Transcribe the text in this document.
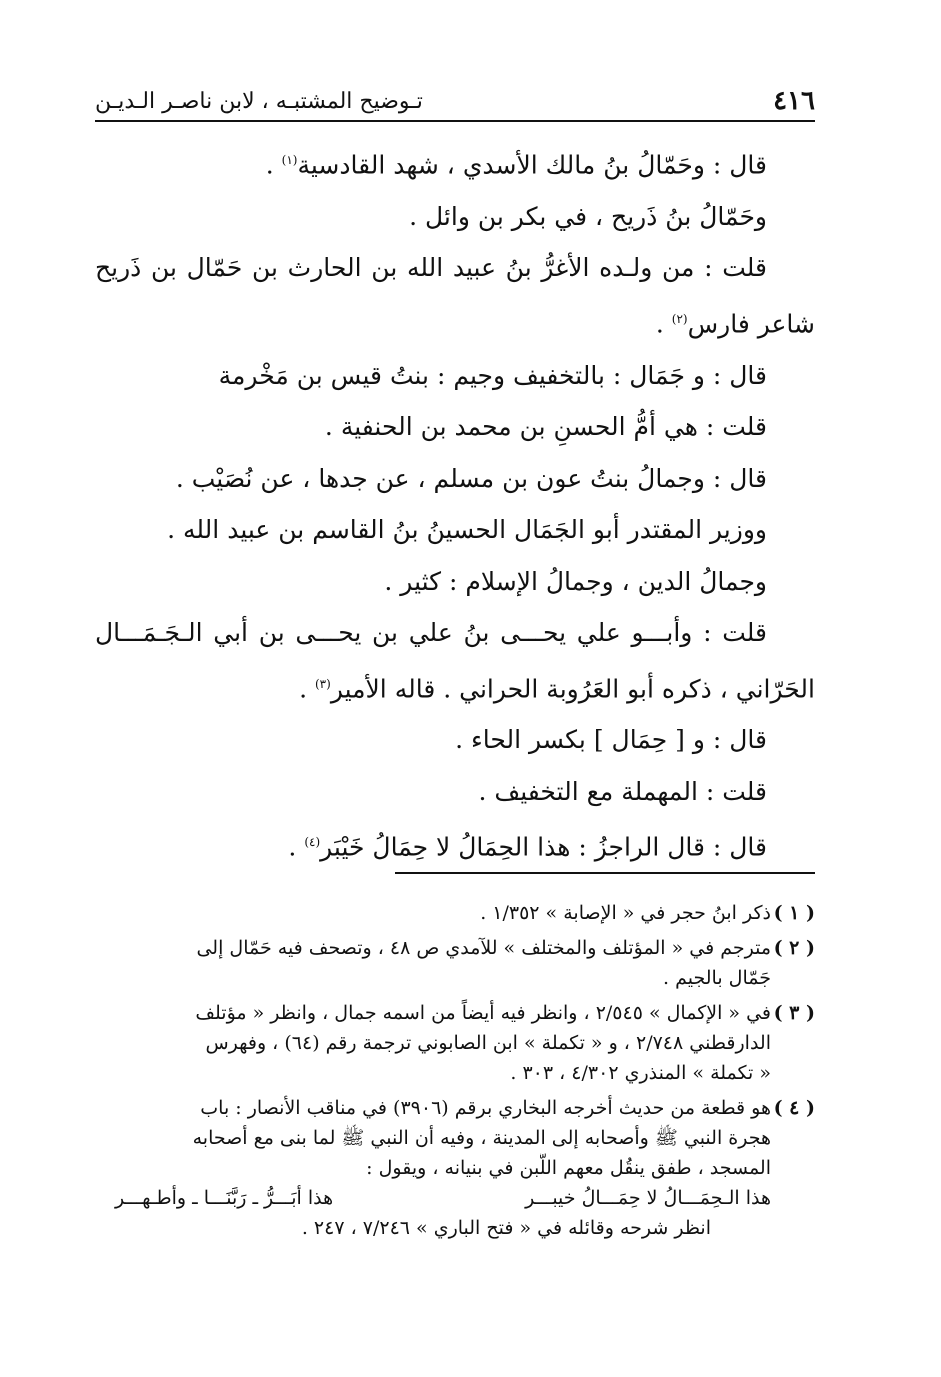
٤١٦
تـوضيح المشتبـه ، لابن ناصـر الـديـن
قال : وحَمّالُ بنُ مالك الأسدي ، شهد القادسية$^{(١)}$ .
وحَمّالُ بنُ ذَريح ، في بكر بن وائل .
قلت : من ولـده الأغرُّ بنُ عبيد الله بن الحارث بن حَمّال بن ذَريح
شاعر فارس$^{(٢)}$ .
قال : و جَمَال : بالتخفيف وجيم : بنتُ قيس بن مَخْرمة
قلت : هي أمُّ الحسنِ بن محمد بن الحنفية .
قال : وجمالُ بنتُ عون بن مسلم ، عن جدها ، عن نُصَيْب .
ووزير المقتدر أبو الجَمَال الحسينُ بنُ القاسم بن عبيد الله .
وجمالُ الدين ، وجمالُ الإسلام : كثير .
قلت : وأبـــو علي يحـــى بنُ علي بن يحـــى بن أبي الـجَـمَـــال
الحَرّاني ، ذكره أبو العَرُوبة الحراني . قاله الأمير$^{(٣)}$ .
قال : و [ حِمَال ] بكسر الحاء .
قلت : المهملة مع التخفيف .
قال : قال الراجزُ : هذا الحِمَالُ لا حِمَالُ خَيْبَر$^{(٤)}$ .
( ١ )
ذكر ابنُ حجر في « الإصابة » ١/٣٥٢ .
( ٢ )
مترجم في « المؤتلف والمختلف » للآمدي ص ٤٨ ، وتصحف فيه حَمّال إلى
جَمّال بالجيم .
( ٣ )
في « الإكمال » ٢/٥٤٥ ، وانظر فيه أيضاً من اسمه جمال ، وانظر « مؤتلف
الدارقطني ٢/٧٤٨ ، و « تكملة » ابن الصابوني ترجمة رقم (٦٤) ، وفهرس
« تكملة » المنذري ٤/٣٠٢ ، ٣٠٣ .
( ٤ )
هو قطعة من حديث أخرجه البخاري برقم (٣٩٠٦) في مناقب الأنصار : باب
هجرة النبي ﷺ وأصحابه إلى المدينة ، وفيه أن النبي ﷺ لما بنى مع أصحابه
المسجد ، طفق ينقُل معهم اللَّبن في بنيانه ، ويقول :
هذا الـحِمَـــالُ لا حِمَـــالُ خيبـــر
هذا أبَـــرُّ ـ رَبَّنَـــا ـ وأطـهـــر
انظر شرحه وقائله في « فتح الباري » ٧/٢٤٦ ، ٢٤٧ .
